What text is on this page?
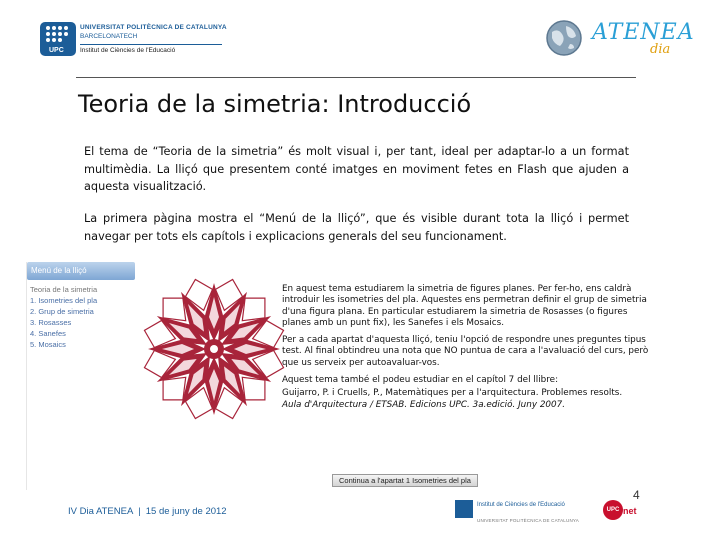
UPC
UNIVERSITAT POLITÈCNICA DE CATALUNYA
BARCELONATECH
Institut de Ciències de l'Educació
ATENEA
dia
Teoria de la simetria: Introducció
El tema de “Teoria de la simetria” és molt visual i, per tant, ideal per adaptar-lo a un format multimèdia. La lliçó que presentem conté imatges en moviment fetes en Flash que ajuden a aquesta visualització.
La primera pàgina mostra el “Menú de la lliçó”, que és visible durant tota la lliçó i permet navegar per tots els capítols i explicacions generals del seu funcionament.
Menú de la lliçó
Teoria de la simetria
1. Isometries del pla
2. Grup de simetria
3. Rosasses
4. Sanefes
5. Mosaics

En aquest tema estudiarem la simetria de figures planes. Per fer-ho, ens caldrà introduir les isometries del pla. Aquestes ens permetran definir el grup de simetria d'una figura plana. En particular estudiarem la simetria de Rosasses (o figures planes amb un punt fix), les Sanefes i els Mosaics.

Per a cada apartat d'aquesta lliçó, teniu l'opció de respondre unes preguntes tipus test. Al final obtindreu una nota que NO puntua de cara a l'avaluació del curs, però que us serveix per autoavaluar-vos.

Aquest tema també el podeu estudiar en el capítol 7 del llibre:

Guijarro, P. i Cruells, P., Matemàtiques per a l'arquitectura. Problemes resolts.
Aula d'Arquitectura / ETSAB. Edicions UPC. 3a.edició. Juny 2007.
Continua a l'apartat 1 Isometries del pla
4
IV Dia ATENEA | 15 de juny de 2012
Institut de Ciències de l'Educació
UNIVERSITAT POLITÈCNICA DE CATALUNYA
UPC net
